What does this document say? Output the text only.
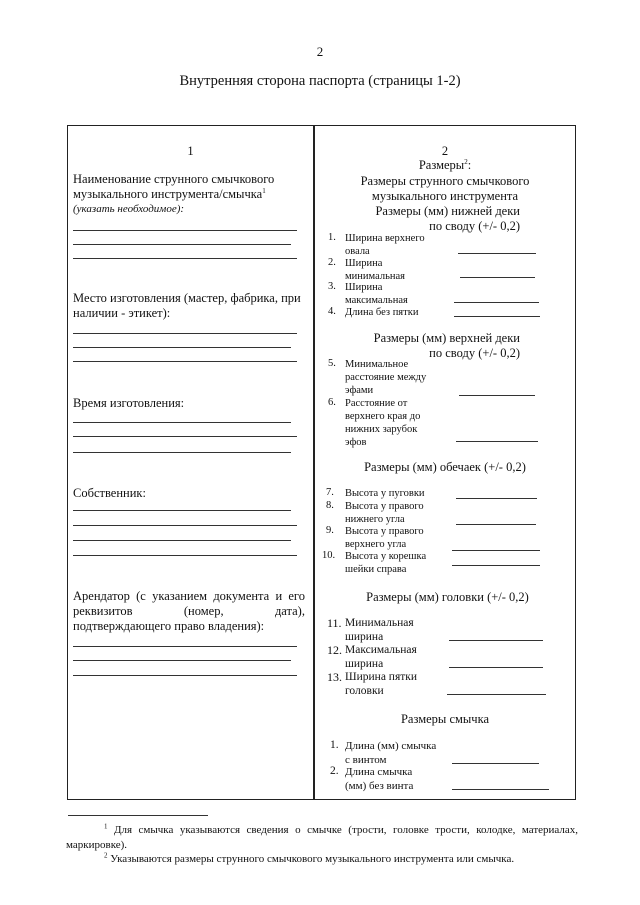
2
Внутренняя сторона паспорта (страницы 1-2)
1
Наименование струнного смычкового музыкального инструмента/смычка$^1$
(указать необходимое):
Место изготовления (мастер, фабрика, при наличии - этикет):
Время изготовления:
Собственник:
Арендатор (с указанием документа и его
реквизитов	(номер,	дата),
подтверждающего право владения):
2
Размеры$^2$:
Размеры струнного смычкового музыкального инструмента
Размеры (мм) нижней деки по своду (+/- 0,2)
1. Ширина верхнего овала
2. Ширина минимальная
3. Ширина максимальная
4. Длина без пятки
Размеры (мм) верхней деки по своду (+/- 0,2)
5. Минимальное расстояние между эфами
6. Расстояние от верхнего края до нижних зарубок эфов
Размеры (мм) обечаек (+/- 0,2)
7. Высота у пуговки
8. Высота у правого нижнего угла
9. Высота у правого верхнего угла
10. Высота у корешка шейки справа
Размеры (мм) головки (+/- 0,2)
11. Минимальная ширина
12. Максимальная ширина
13. Ширина пятки головки
Размеры смычка
1. Длина (мм) смычка с винтом
2. Длина смычка (мм) без винта
$^1$ Для смычка указываются сведения о смычке (трости, головке трости, колодке, материалах, маркировке).
$^2$ Указываются размеры струнного смычкового музыкального инструмента или смычка.
